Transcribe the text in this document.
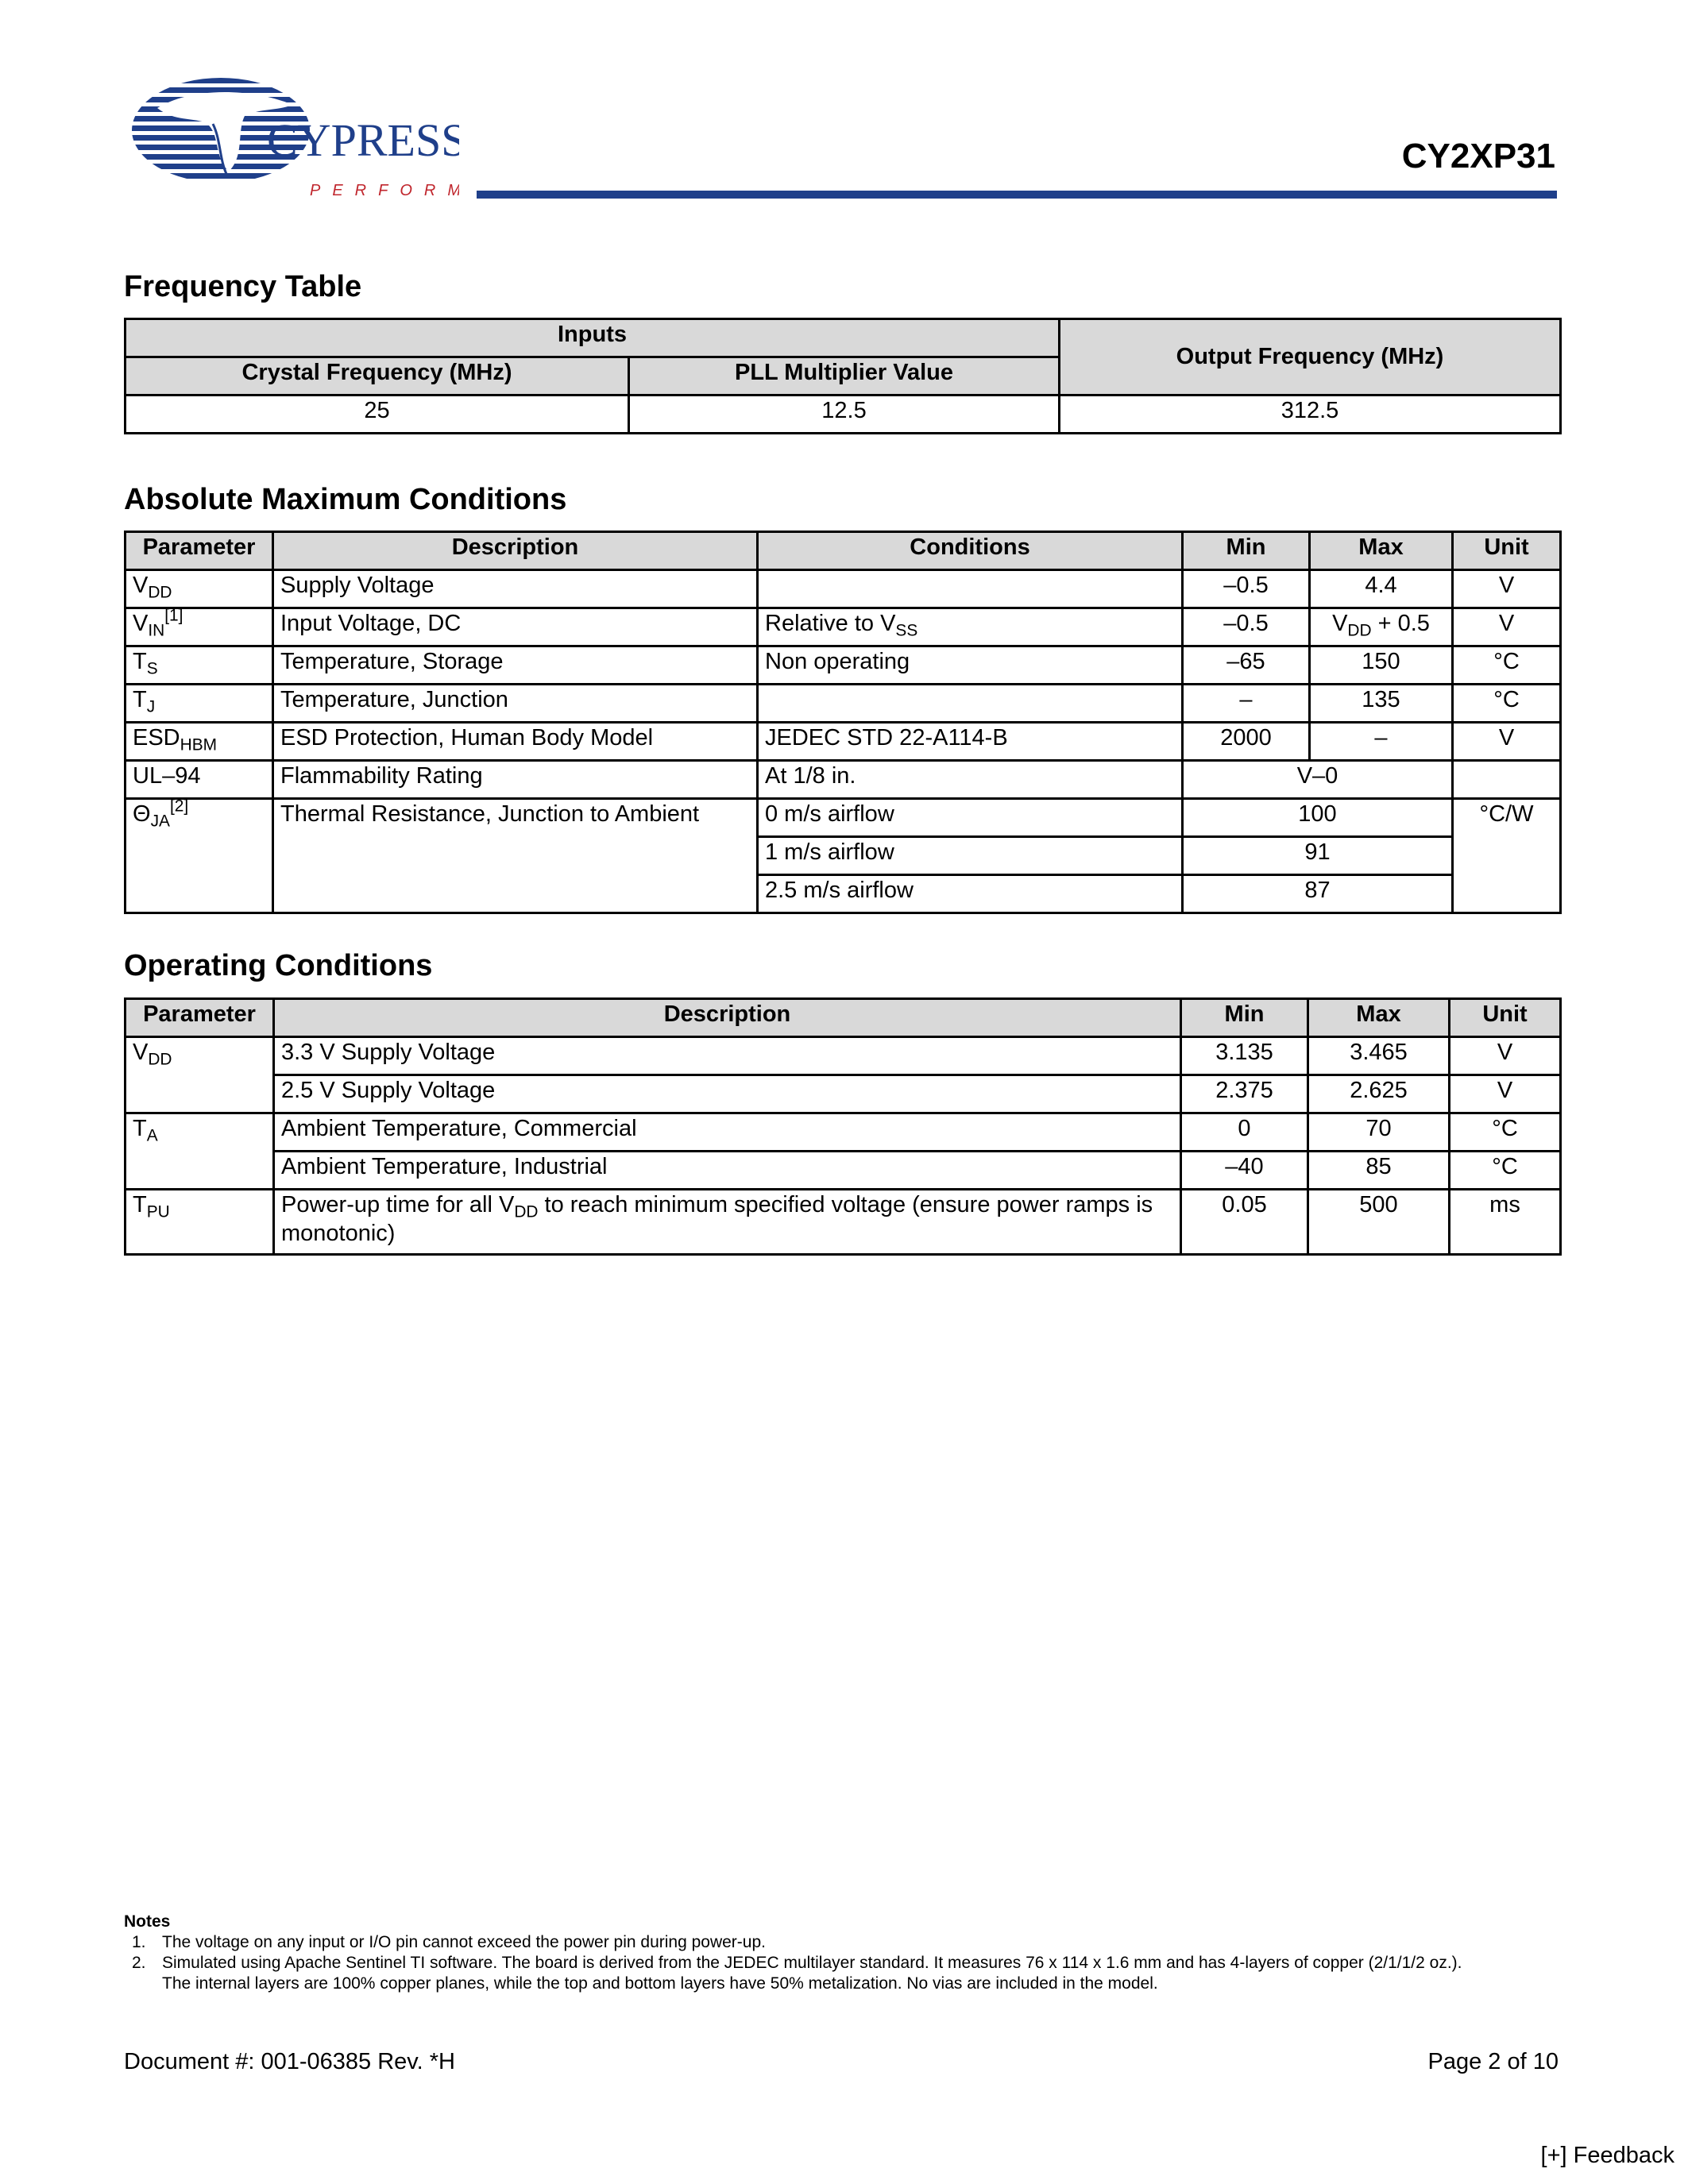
CYPRESS
PERFORM
CY2XP31
Frequency Table
Inputs		Output Frequency (MHz)
Crystal Frequency (MHz)	PLL Multiplier Value	
25	12.5	312.5
Absolute Maximum Conditions
Parameter	Description	Conditions	Min	Max	Unit
$V_{DD}$	Supply Voltage		–0.5	4.4	V
$V_{IN}[1]$	Input Voltage, DC	Relative to $V_{SS}$	–0.5	$V_{DD} + 0.5$	V
$T_S$	Temperature, Storage	Non operating	–65	150	°C
$T_J$	Temperature, Junction		–	135	°C
$ESD_{HBM}$	ESD Protection, Human Body Model	JEDEC STD 22-A114-B	2000	–	V
UL–94	Flammability Rating	At 1/8 in.	V–0		
$\Theta_{JA}[2]$	Thermal Resistance, Junction to Ambient	0 m/s airflow	100		°C/W
		1 m/s airflow	91		
		2.5 m/s airflow	87		
Operating Conditions
Parameter	Description	Min	Max	Unit
$V_{DD}$	3.3 V Supply Voltage	3.135	3.465	V
	2.5 V Supply Voltage	2.375	2.625	V
$T_A$	Ambient Temperature, Commercial	0	70	°C
	Ambient Temperature, Industrial	–40	85	°C
$T_{PU}$	Power-up time for all $V_{DD}$ to reach minimum specified voltage (ensure power ramps is monotonic)	0.05	500	ms
Notes
1. The voltage on any input or I/O pin cannot exceed the power pin during power-up.
2. Simulated using Apache Sentinel TI software. The board is derived from the JEDEC multilayer standard. It measures 76 x 114 x 1.6 mm and has 4-layers of copper (2/1/1/2 oz.). The internal layers are 100% copper planes, while the top and bottom layers have 50% metalization. No vias are included in the model.
Document #: 001-06385 Rev. *H	Page 2 of 10
[+] Feedback
